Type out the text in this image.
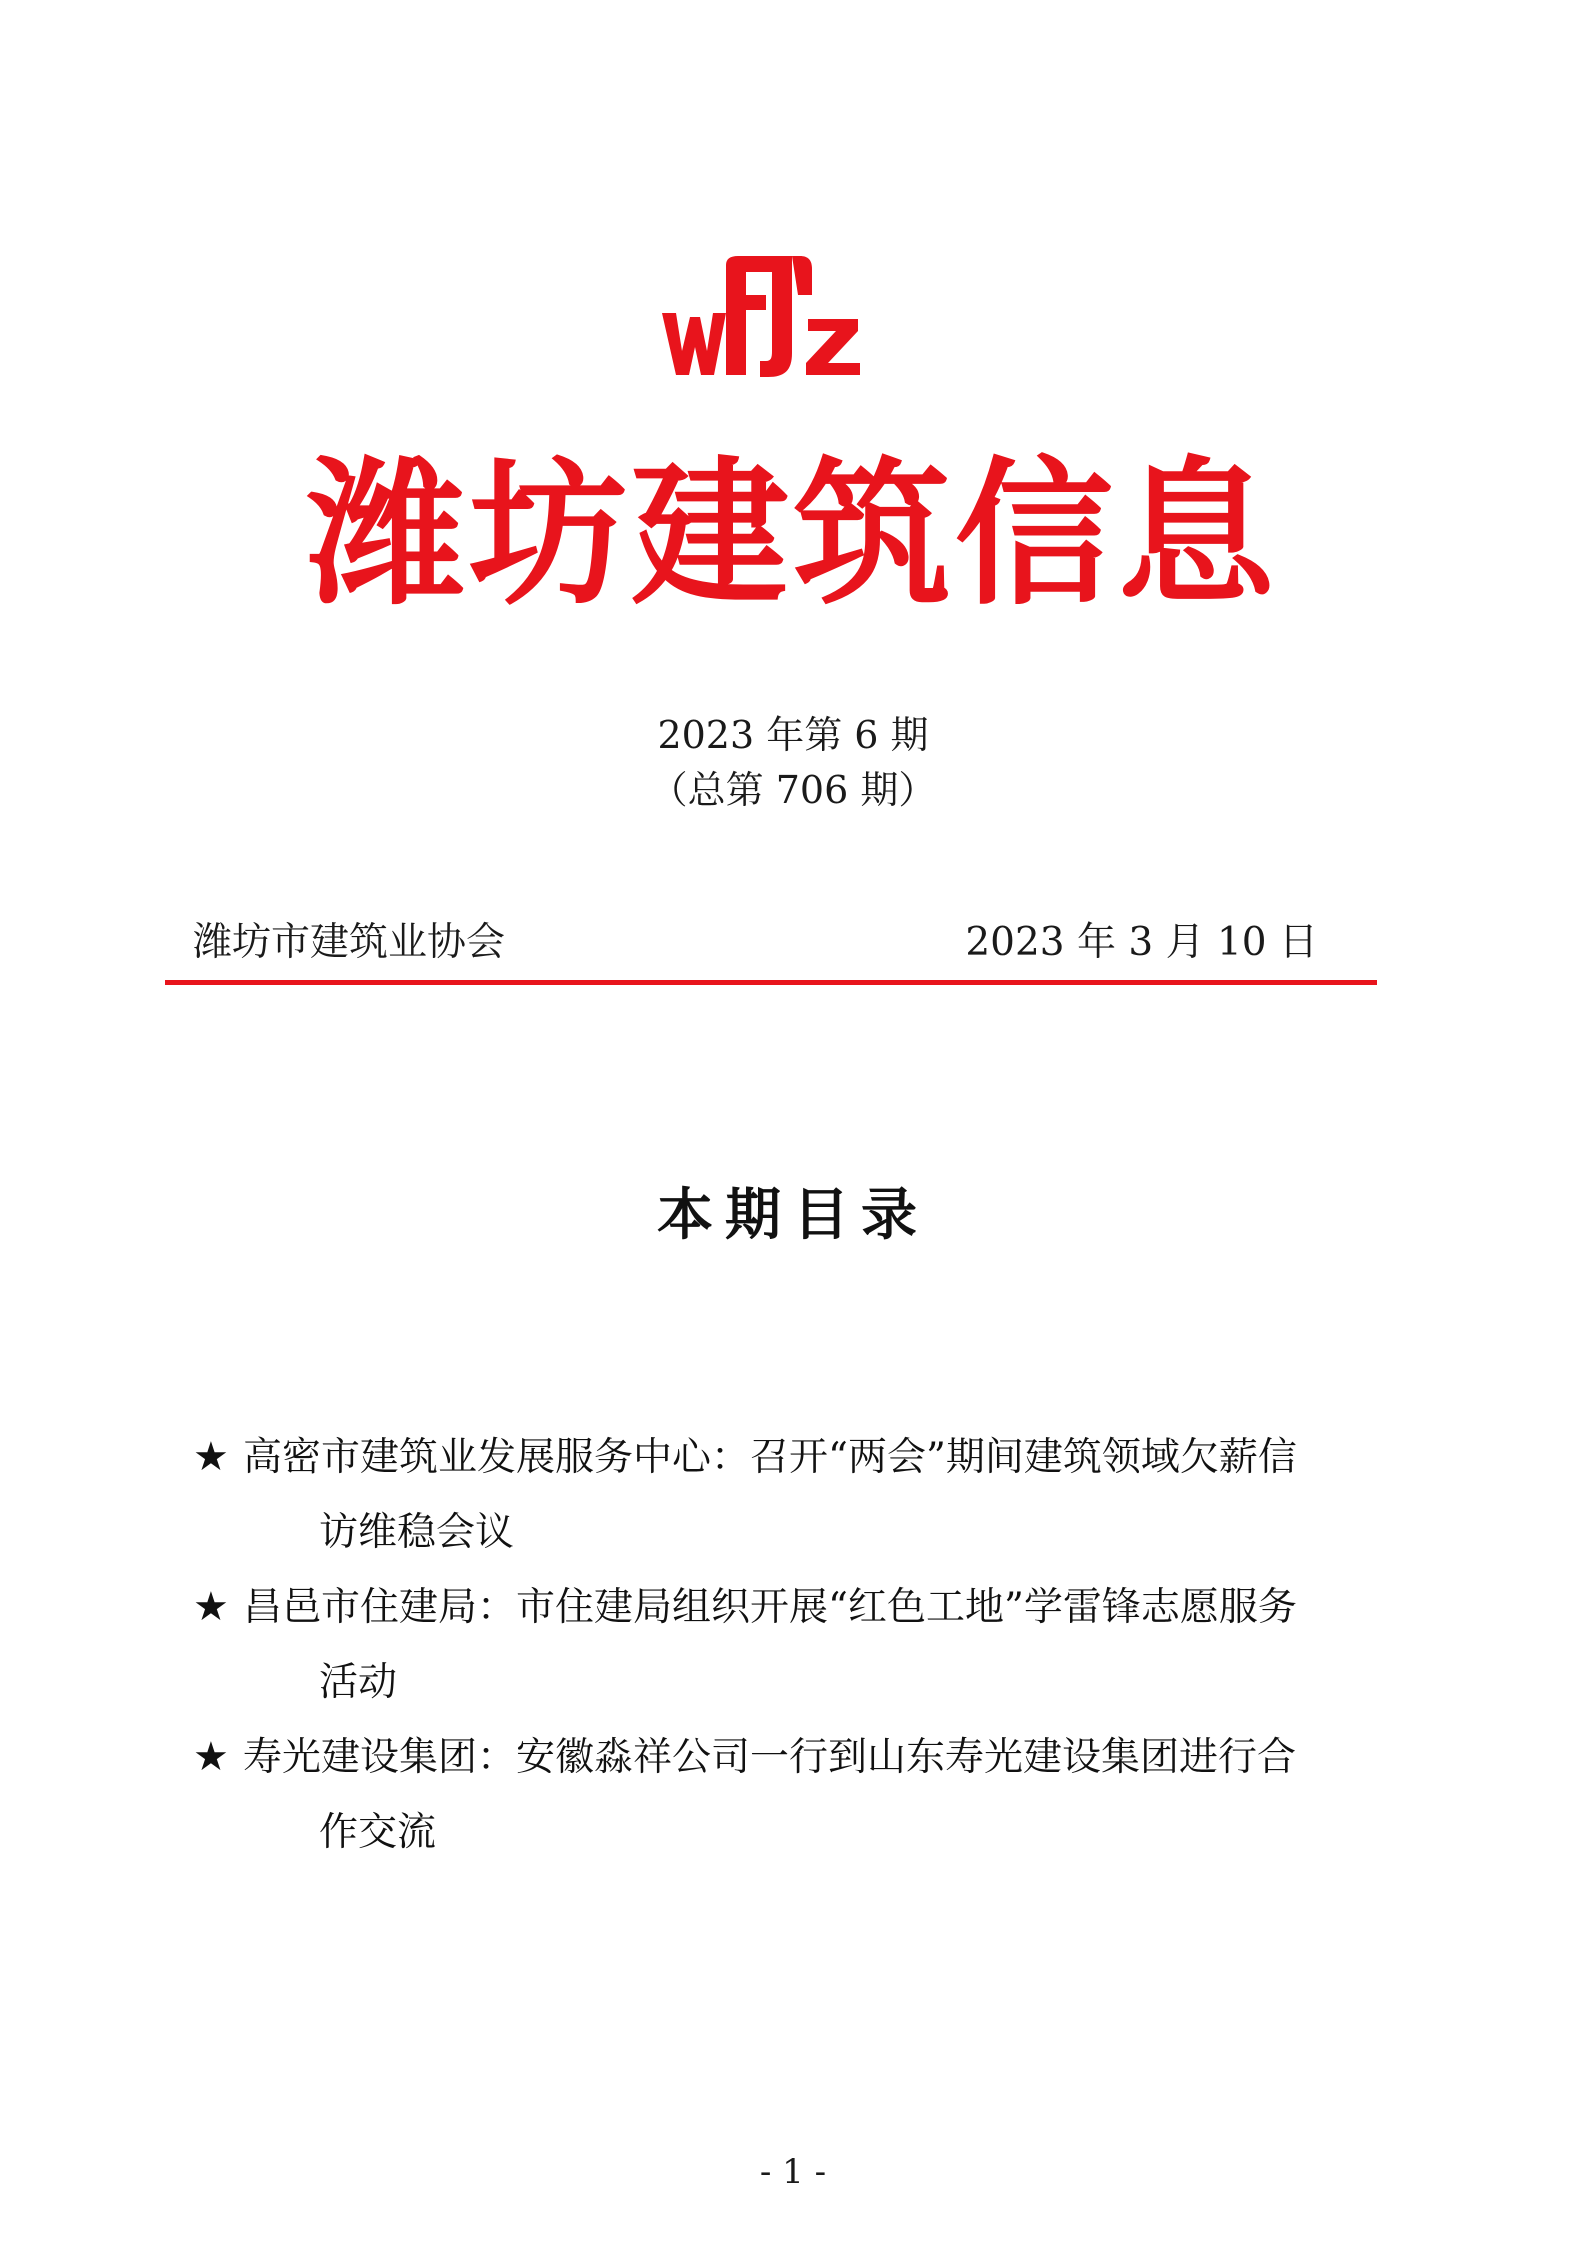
潍坊建筑信息
2023 年第 6 期
（总第 706 期）
潍坊市建筑业协会	2023 年 3 月 10 日
本期目录
★ 高密市建筑业发展服务中心：召开“两会”期间建筑领域欠薪信
访维稳会议
★ 昌邑市住建局：市住建局组织开展“红色工地”学雷锋志愿服务
活动
★ 寿光建设集团：安徽淼祥公司一行到山东寿光建设集团进行合
作交流
- 1 -
